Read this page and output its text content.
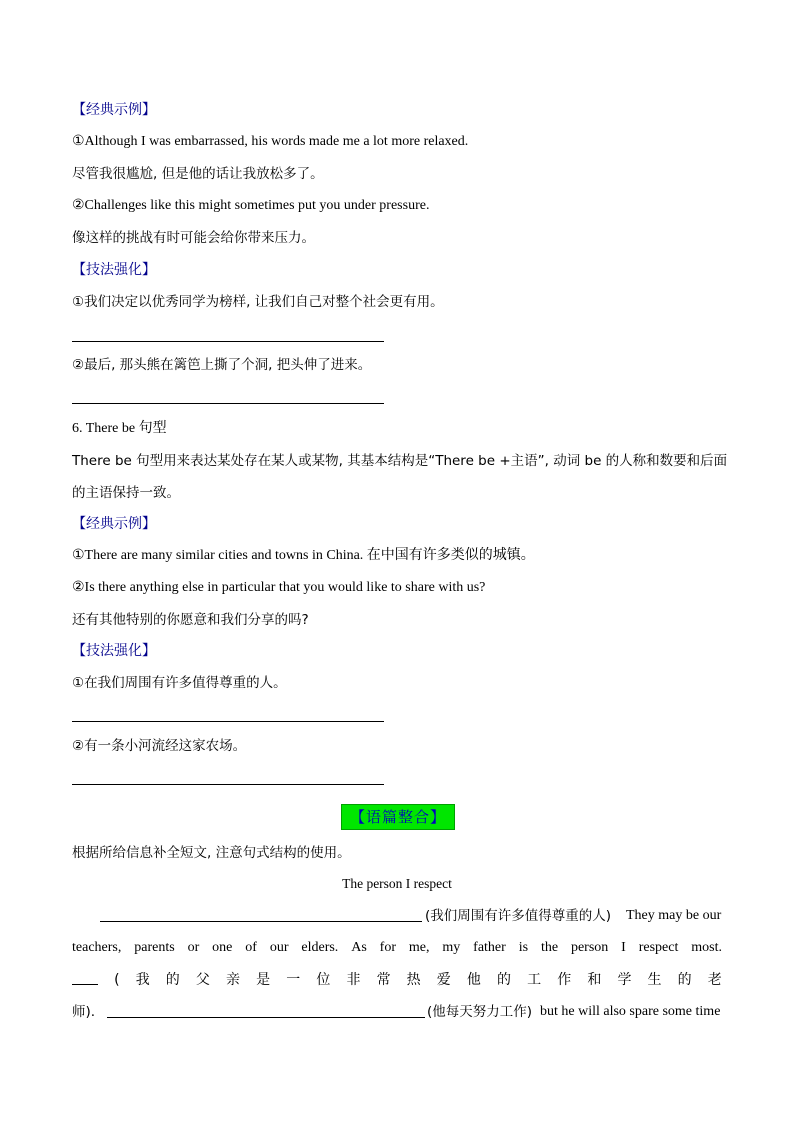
【经典示例】
①Although I was embarrassed, his words made me a lot more relaxed.
尽管我很尴尬, 但是他的话让我放松多了。
②Challenges like this might sometimes put you under pressure.
像这样的挑战有时可能会给你带来压力。
【技法强化】
①我们决定以优秀同学为榜样, 让我们自己对整个社会更有用。
②最后, 那头熊在篱笆上撕了个洞, 把头伸了进来。
6. There be 句型
There be 句型用来表达某处存在某人或某物, 其基本结构是“There be +主语”, 动词 be 的人称和数要和后面
的主语保持一致。
【经典示例】
①There are many similar cities and towns in China. 在中国有许多类似的城镇。
②Is there anything else in particular that you would like to share with us?
还有其他特别的你愿意和我们分享的吗?
【技法强化】
①在我们周围有许多值得尊重的人。
②有一条小河流经这家农场。
【语篇整合】
根据所给信息补全短文, 注意句式结构的使用。
The person I respect
(我们周围有许多值得尊重的人) They may be our
teachers, parents or one of our elders. As for me, my father is the person I respect most.
( 我 的 父 亲 是 一 位 非 常 热 爱 他 的 工 作 和 学 生 的 老
师).	(他每天努力工作) but he will also spare some time
